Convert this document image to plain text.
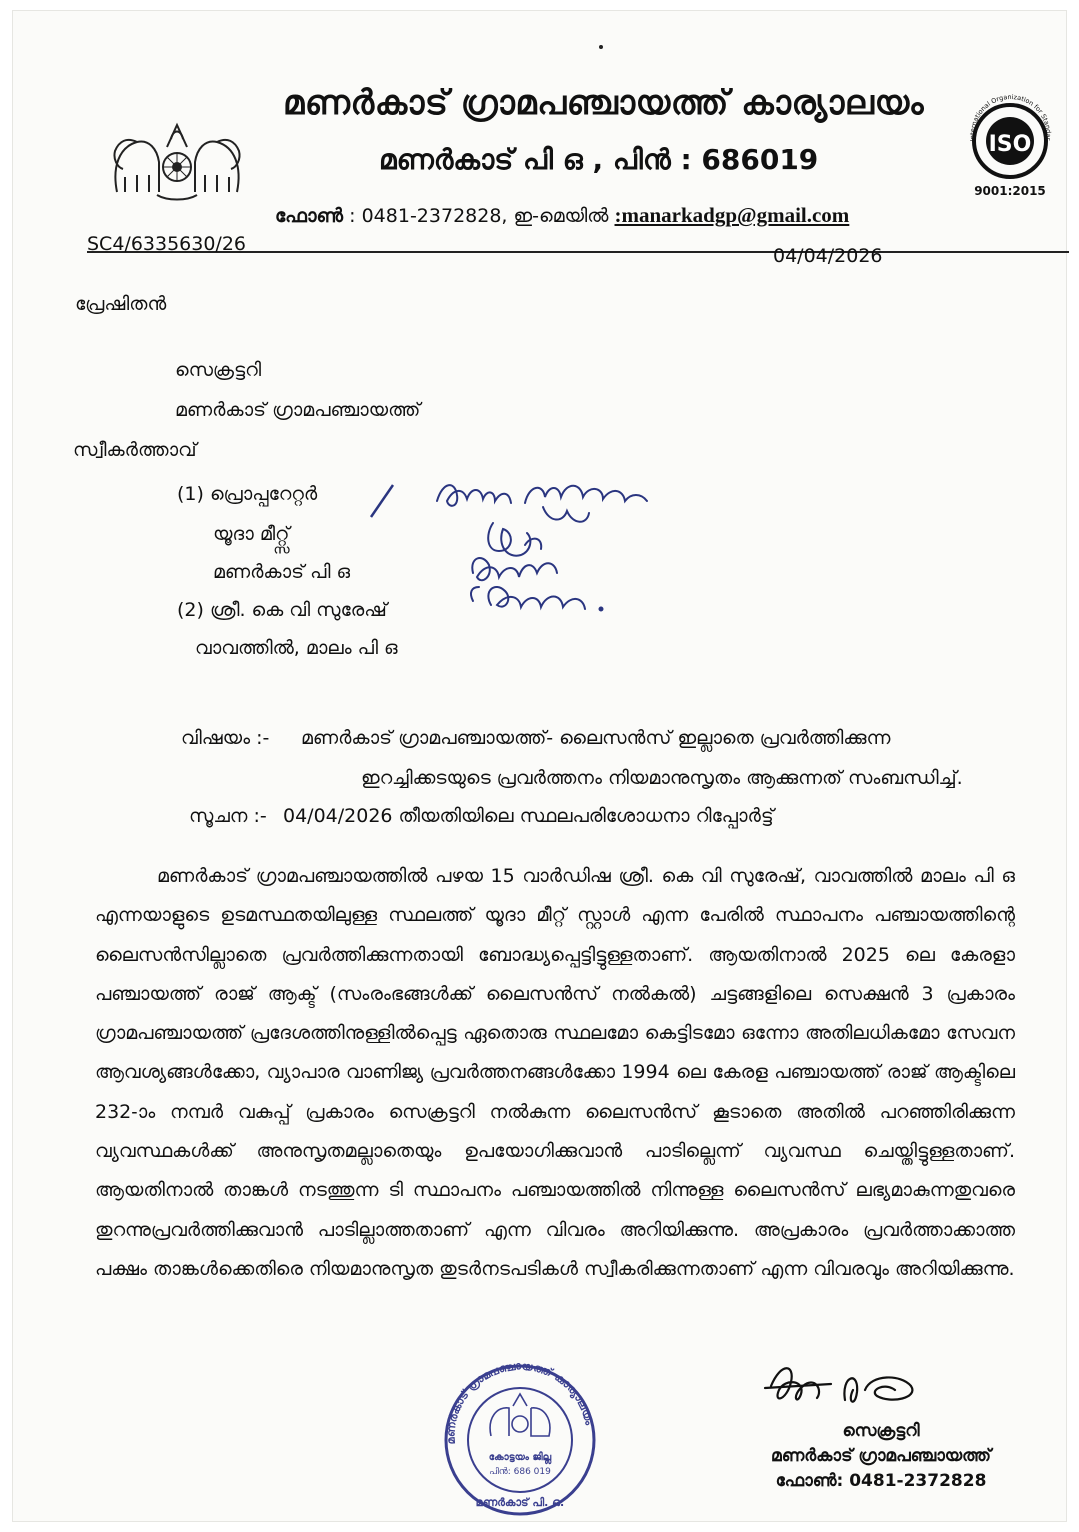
International Organization for Standar
ISO
9001:2015
മണർകാട് ഗ്രാമപഞ്ചായത്ത് കാര്യാലയം
മണർകാട് പി ഒ , പിൻ : 686019
ഫോൺ : 0481-2372828, ഇ-മെയിൽ :manarkadgp@gmail.com
SC4/6335630/26
04/04/2026
പ്രേഷിതൻ
സെക്രട്ടറി
മണർകാട് ഗ്രാമപഞ്ചായത്ത്
സ്വീകർത്താവ്
(1) പ്രൊപ്പറേറ്റർ
യൂദാ മീറ്റ്സ്
മണർകാട് പി ഒ
(2) ശ്രീ. കെ വി സുരേഷ്
വാവത്തിൽ, മാലം പി ഒ
വിഷയം :- മണർകാട് ഗ്രാമപഞ്ചായത്ത്- ലൈസൻസ് ഇല്ലാതെ പ്രവർത്തിക്കുന്ന
ഇറച്ചിക്കടയുടെ പ്രവർത്തനം നിയമാനുസൃതം ആക്കുന്നത് സംബന്ധിച്ച്.
സൂചന :- 04/04/2026 തീയതിയിലെ സ്ഥലപരിശോധനാ റിപ്പോർട്ട്
മണർകാട് ഗ്രാമപഞ്ചായത്തിൽ പഴയ 15 വാർഡിഷ ശ്രീ. കെ വി സുരേഷ്, വാവത്തിൽ മാലം പി ഒ എന്നയാളുടെ ഉടമസ്ഥതയിലുള്ള സ്ഥലത്ത് യൂദാ മീറ്റ് സ്റ്റാൾ എന്ന പേരിൽ സ്ഥാപനം പഞ്ചായത്തിന്റെ ലൈസൻസില്ലാതെ പ്രവർത്തിക്കുന്നതായി ബോദ്ധ്യപ്പെട്ടിട്ടുള്ളതാണ്. ആയതിനാൽ 2025 ലെ കേരളാ പഞ്ചായത്ത് രാജ് ആക്ട് (സംരംഭങ്ങൾക്ക് ലൈസൻസ് നൽകൽ) ചട്ടങ്ങളിലെ സെക്ഷൻ 3 പ്രകാരം ഗ്രാമപഞ്ചായത്ത് പ്രദേശത്തിനുള്ളിൽപ്പെട്ട ഏതൊരു സ്ഥലമോ കെട്ടിടമോ ഒന്നോ അതിലധികമോ സേവന ആവശ്യങ്ങൾക്കോ, വ്യാപാര വാണിജ്യ പ്രവർത്തനങ്ങൾക്കോ 1994 ലെ കേരള പഞ്ചായത്ത് രാജ് ആക്ടിലെ 232-ാം നമ്പർ വകുപ്പ് പ്രകാരം സെക്രട്ടറി നൽകുന്ന ലൈസൻസ് കൂടാതെ അതിൽ പറഞ്ഞിരിക്കുന്ന വ്യവസ്ഥകൾക്ക് അനുസൃതമല്ലാതെയും ഉപയോഗിക്കുവാൻ പാടില്ലെന്ന് വ്യവസ്ഥ ചെയ്തിട്ടുള്ളതാണ്. ആയതിനാൽ താങ്കൾ നടത്തുന്ന ടി സ്ഥാപനം പഞ്ചായത്തിൽ നിന്നുള്ള ലൈസൻസ് ലഭ്യമാകുന്നതുവരെ തുറന്നുപ്രവർത്തിക്കുവാൻ പാടില്ലാത്തതാണ് എന്ന വിവരം അറിയിക്കുന്നു. അപ്രകാരം പ്രവർത്താക്കാത്ത പക്ഷം താങ്കൾക്കെതിരെ നിയമാനുസൃത തുടർനടപടികൾ സ്വീകരിക്കുന്നതാണ് എന്ന വിവരവും അറിയിക്കുന്നു.
മണർകാട് ഗ്രാമപഞ്ചായത്ത് കാര്യാലയം
കോട്ടയം ജില്ല
പിൻ: 686 019
മണർകാട് പി. ഒ.
സെക്രട്ടറി
മണർകാട് ഗ്രാമപഞ്ചായത്ത്
ഫോൺ: 0481-2372828
